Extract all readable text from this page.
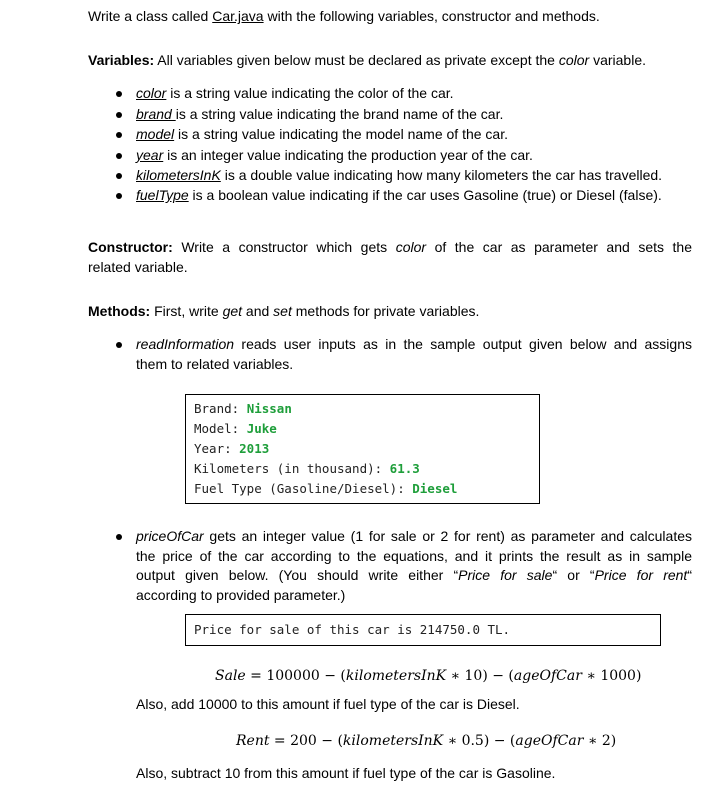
Write a class called Car.java with the following variables, constructor and methods.
Variables: All variables given below must be declared as private except the color variable.
color is a string value indicating the color of the car.
brand is a string value indicating the brand name of the car.
model is a string value indicating the model name of the car.
year is an integer value indicating the production year of the car.
kilometersInK is a double value indicating how many kilometers the car has travelled.
fuelType is a boolean value indicating if the car uses Gasoline (true) or Diesel (false).
Constructor: Write a constructor which gets color of the car as parameter and sets the
related variable.
Methods: First, write get and set methods for private variables.
readInformation reads user inputs as in the sample output given below and assigns
them to related variables.
Brand: Nissan
Model: Juke
Year: 2013
Kilometers (in thousand): 61.3
Fuel Type (Gasoline/Diesel): Diesel
priceOfCar gets an integer value (1 for sale or 2 for rent) as parameter and calculates
the price of the car according to the equations, and it prints the result as in sample
output given below. (You should write either “Price for sale“ or “Price for rent“
according to provided parameter.)
Price for sale of this car is 214750.0 TL.
Sale = 100000 − (kilometersInK ∗ 10) − (ageOfCar ∗ 1000)
Also, add 10000 to this amount if fuel type of the car is Diesel.
Rent = 200 − (kilometersInK ∗ 0.5) − (ageOfCar ∗ 2)
Also, subtract 10 from this amount if fuel type of the car is Gasoline.
